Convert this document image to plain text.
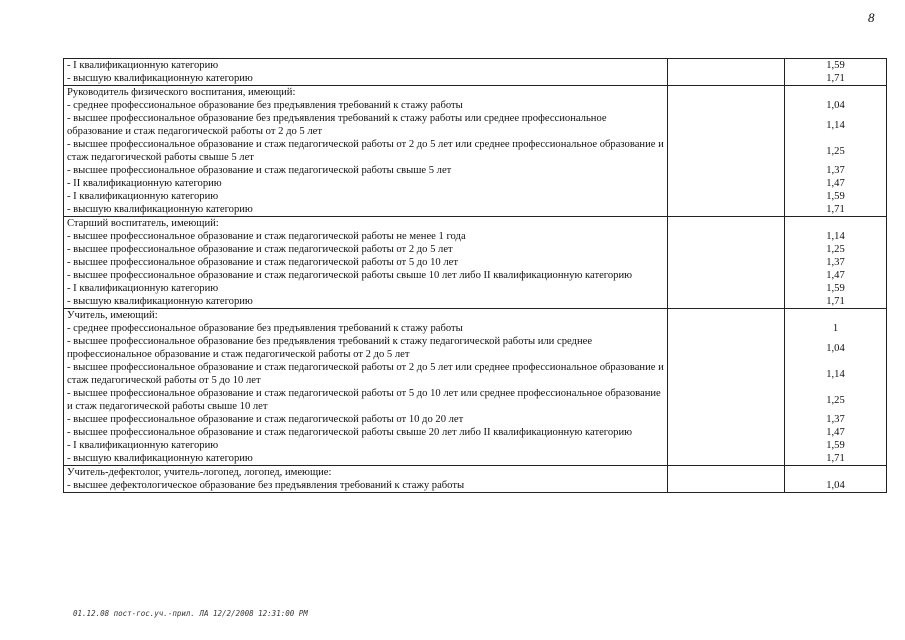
8
- I квалификационную категорию		1,59
- высшую квалификационную категорию		1,71
Руководитель физического воспитания, имеющий:		
- среднее профессиональное образование без предъявления требований к стажу работы		1,04
- высшее профессиональное образование без предъявления требований к стажу работы или среднее профессиональное образование и стаж педагогической работы от 2 до 5 лет		1,14
- высшее профессиональное образование и стаж педагогической работы от 2 до 5 лет или среднее профессиональное образование и стаж педагогической работы свыше 5 лет		1,25
- высшее профессиональное образование и стаж педагогической работы свыше 5 лет		1,37
- II квалификационную категорию		1,47
- I квалификационную категорию		1,59
- высшую квалификационную категорию		1,71
Старший воспитатель, имеющий:		
- высшее профессиональное образование и стаж педагогической работы не менее 1 года		1,14
- высшее профессиональное образование и стаж педагогической работы от 2 до 5 лет		1,25
- высшее профессиональное образование и стаж педагогической работы от 5 до 10 лет		1,37
- высшее профессиональное образование и стаж педагогической работы свыше 10 лет либо II квалификационную категорию		1,47
- I квалификационную категорию		1,59
- высшую квалификационную категорию		1,71
Учитель, имеющий:		
- среднее профессиональное образование без предъявления требований к стажу работы		1
- высшее профессиональное образование без предъявления требований к стажу педагогической работы или среднее профессиональное образование и стаж педагогической работы от 2 до 5 лет		1,04
- высшее профессиональное образование и стаж педагогической работы от 2 до 5 лет или среднее профессиональное образование и стаж педагогической работы от 5 до 10 лет		1,14
- высшее профессиональное образование и стаж педагогической работы от 5 до 10 лет или среднее профессиональное образование и стаж педагогической работы свыше 10 лет		1,25
- высшее профессиональное образование и стаж педагогической работы от 10 до 20 лет		1,37
- высшее профессиональное образование и стаж педагогической работы свыше 20 лет либо II квалификационную категорию		1,47
- I квалификационную категорию		1,59
- высшую квалификационную категорию		1,71
Учитель-дефектолог, учитель-логопед, логопед, имеющие:		
- высшее дефектологическое образование без предъявления требований к стажу работы		1,04
01.12.08 пост-гос.уч.-прил. ЛА 12/2/2008 12:31:00 PM
